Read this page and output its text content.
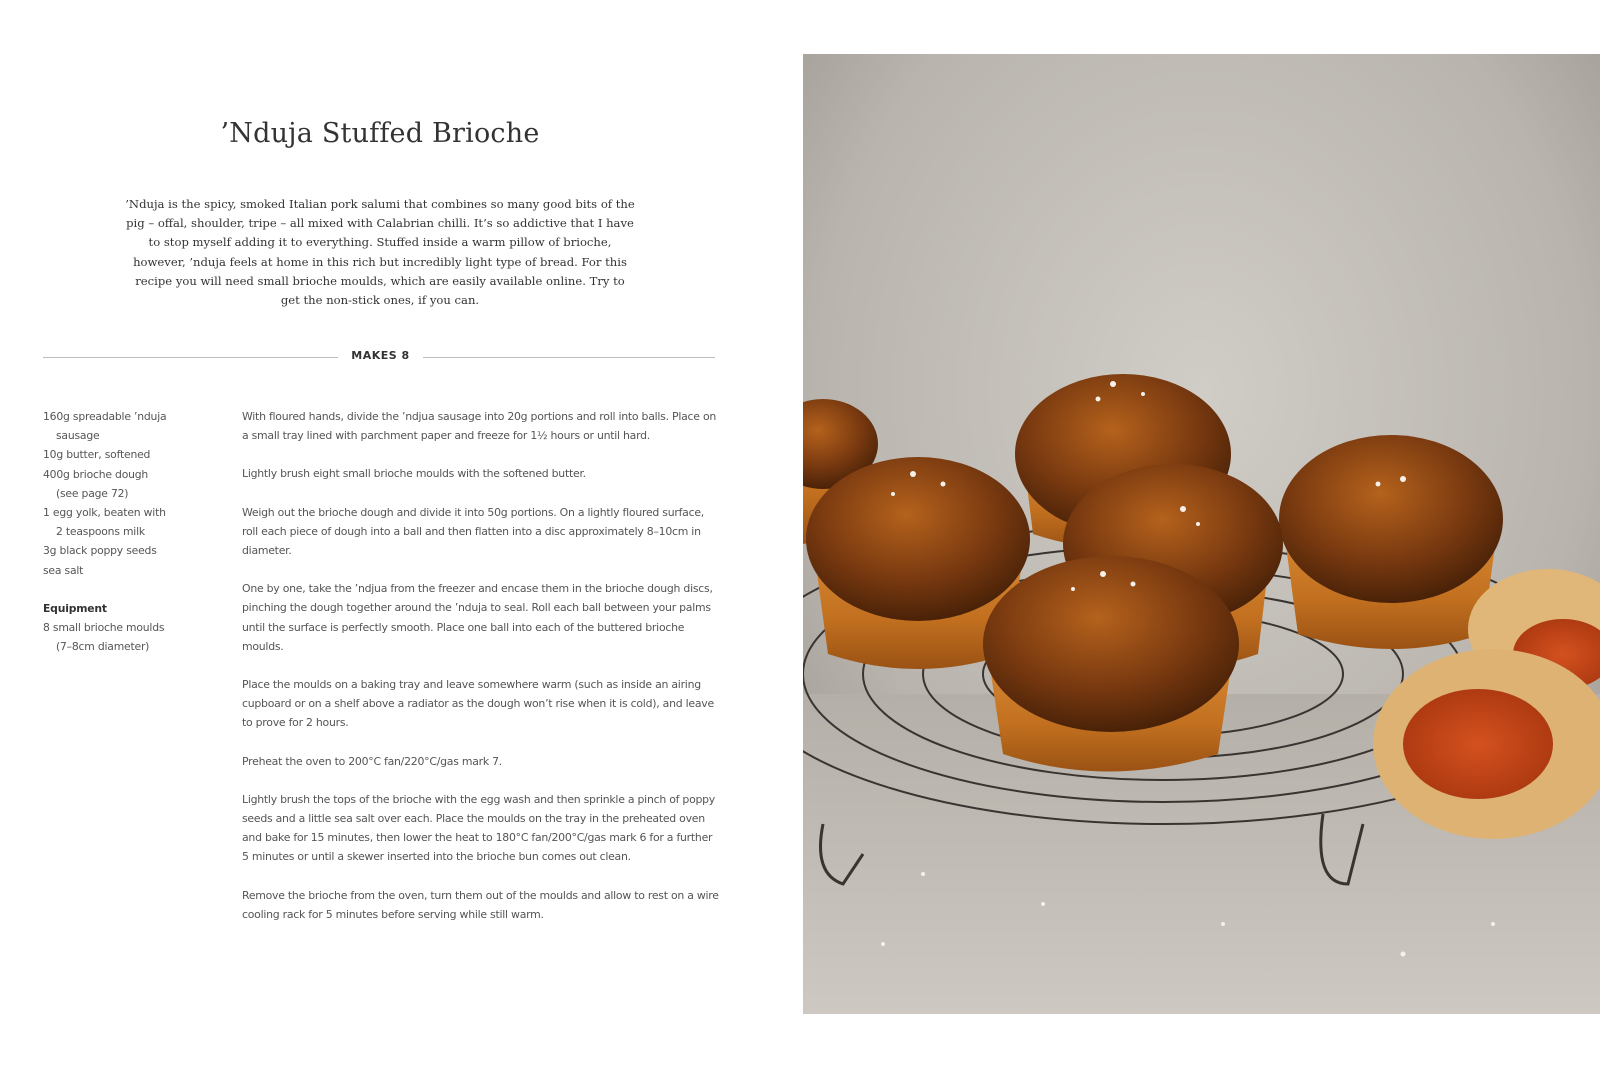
’Nduja Stuffed Brioche
’Nduja is the spicy, smoked Italian pork salumi that combines so many good bits of the pig – offal, shoulder, tripe – all mixed with Calabrian chilli. It’s so addictive that I have to stop myself adding it to everything. Stuffed inside a warm pillow of brioche, however, ’nduja feels at home in this rich but incredibly light type of bread. For this recipe you will need small brioche moulds, which are easily available online. Try to get the non-stick ones, if you can.
MAKES 8
160g spreadable ’nduja
sausage
10g butter, softened
400g brioche dough
(see page 72)
1 egg yolk, beaten with
2 teaspoons milk
3g black poppy seeds
sea salt
Equipment
8 small brioche moulds
(7–8cm diameter)

With floured hands, divide the ’ndjua sausage into 20g portions and roll into balls. Place on a small tray lined with parchment paper and freeze for 1½ hours or until hard.

Lightly brush eight small brioche moulds with the softened butter.

Weigh out the brioche dough and divide it into 50g portions. On a lightly floured surface, roll each piece of dough into a ball and then flatten into a disc approximately 8–10cm in diameter.

One by one, take the ’ndjua from the freezer and encase them in the brioche dough discs, pinching the dough together around the ’nduja to seal. Roll each ball between your palms until the surface is perfectly smooth. Place one ball into each of the buttered brioche moulds.

Place the moulds on a baking tray and leave somewhere warm (such as inside an airing cupboard or on a shelf above a radiator as the dough won’t rise when it is cold), and leave to prove for 2 hours.

Preheat the oven to 200°C fan/220°C/gas mark 7.

Lightly brush the tops of the brioche with the egg wash and then sprinkle a pinch of poppy seeds and a little sea salt over each. Place the moulds on the tray in the preheated oven and bake for 15 minutes, then lower the heat to 180°C fan/200°C/gas mark 6 for a further 5 minutes or until a skewer inserted into the brioche bun comes out clean.

Remove the brioche from the oven, turn them out of the moulds and allow to rest on a wire cooling rack for 5 minutes before serving while still warm.
